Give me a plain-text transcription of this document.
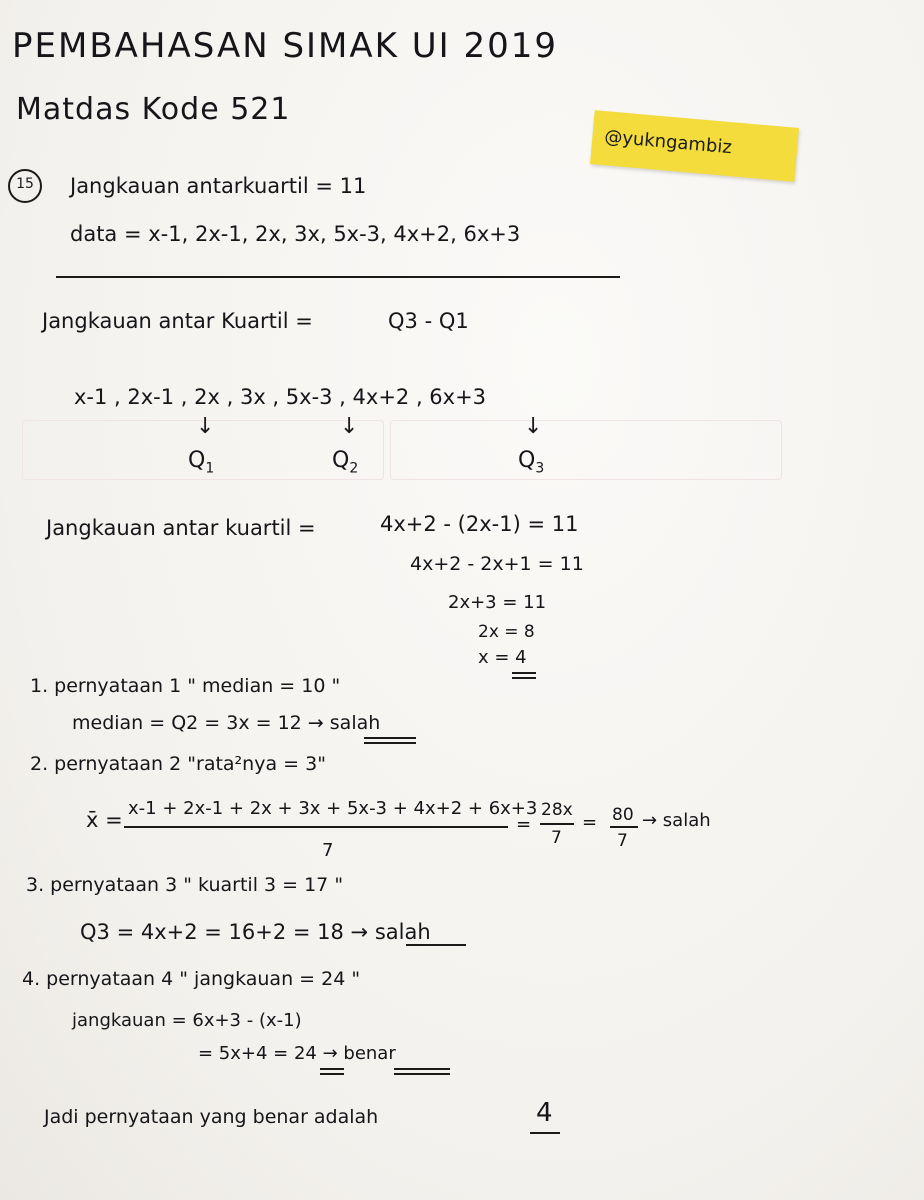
PEMBAHASAN SIMAK UI 2019
Matdas Kode 521
@yukngambiz
15 Jangkauan antarkuartil = 11
data = x-1, 2x-1, 2x, 3x, 5x-3, 4x+2, 6x+3
Jangkauan antar Kuartil =	Q3 - Q1
x-1 , 2x-1 , 2x , 3x , 5x-3 , 4x+2 , 6x+3
↓	↓	↓
$Q_1$	$Q_2$	$Q_3$
Jangkauan antar kuartil =	4x+2 - (2x-1) = 11
4x+2 - 2x+1 = 11
2x+3 = 11
2x = 8
x = 4
1. pernyataan 1 " median = 10 "
median = Q2 = 3x = 12 → salah
2. pernyataan 2 "rata²nya = 3"
x̄ = x-1 + 2x-1 + 2x + 3x + 5x-3 + 4x+2 + 6x+3
7
=
28x
7
= 80
7
→ salah
3. pernyataan 3 " kuartil 3 = 17 "
Q3 = 4x+2 = 16+2 = 18 → salah
4. pernyataan 4 " jangkauan = 24 "
jangkauan = 6x+3 - (x-1)
= 5x+4 = 24 → benar
Jadi pernyataan yang benar adalah	4
